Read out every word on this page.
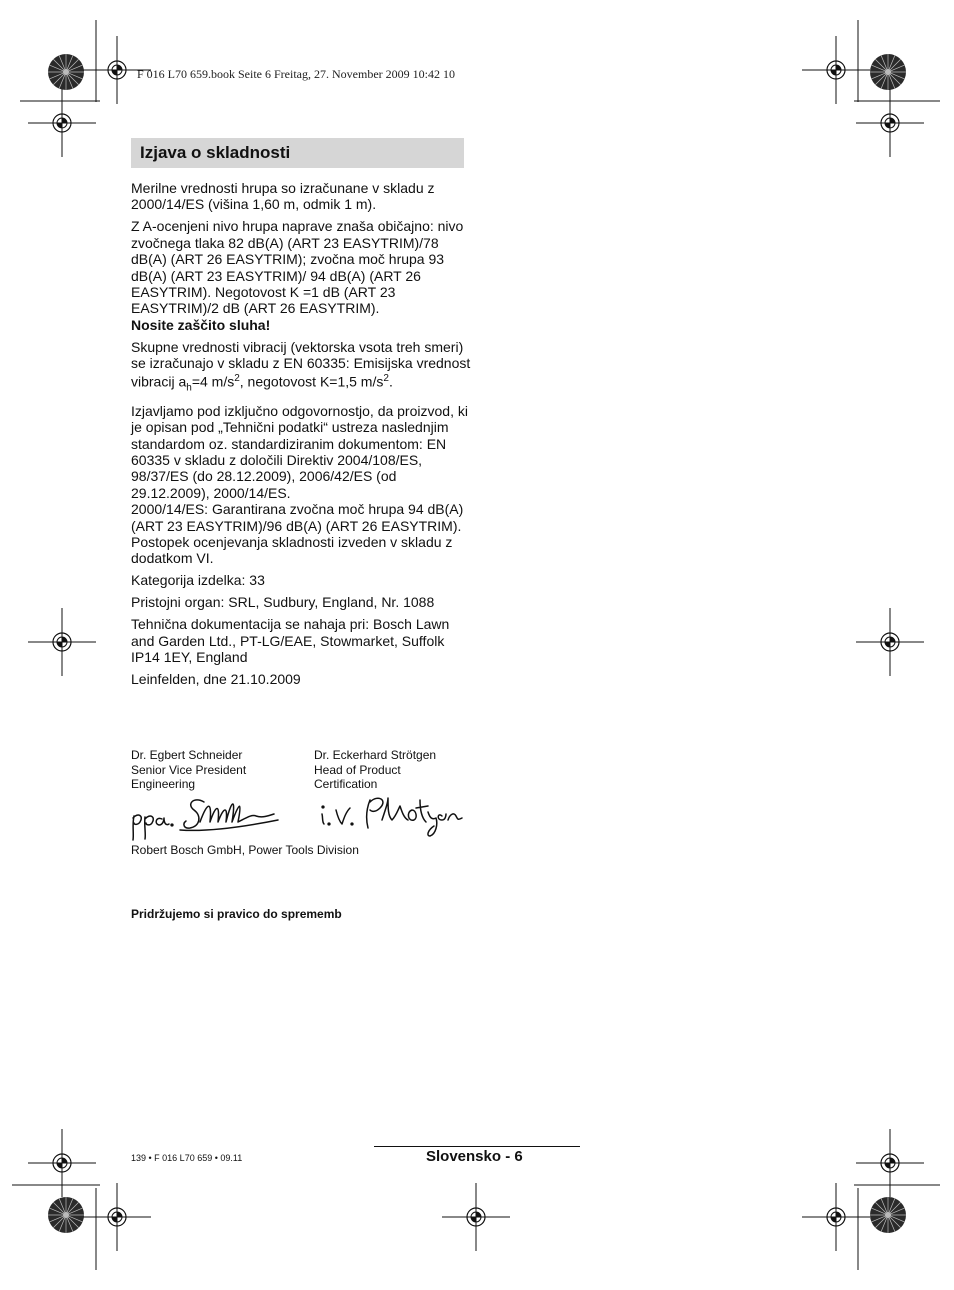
F 016 L70 659.book Seite 6 Freitag, 27. November 2009 10:42 10
Izjava o skladnosti

Merilne vrednosti hrupa so izračunane v skladu z 2000/14/ES (višina 1,60 m, odmik 1 m).

Z A-ocenjeni nivo hrupa naprave znaša običajno: nivo zvočnega tlaka 82 dB(A) (ART 23 EASYTRIM)/78 dB(A) (ART 26 EASYTRIM); zvočna moč hrupa 93 dB(A) (ART 23 EASYTRIM)/ 94 dB(A) (ART 26 EASYTRIM). Negotovost K =1 dB (ART 23 EASYTRIM)/2 dB (ART 26 EASYTRIM).

Nosite zaščito sluha!

Skupne vrednosti vibracij (vektorska vsota treh smeri) se izračunajo v skladu z EN 60335: Emisijska vrednost vibracij $a_h=4$ $m/s^2$, negotovost K=1,5 $m/s^2$.

Izjavljamo pod izključno odgovornostjo, da proizvod, ki je opisan pod „Tehnični podatki“ ustreza naslednjim standardom oz. standardiziranim dokumentom: EN 60335 v skladu z določili Direktiv 2004/108/ES, 98/37/ES (do 28.12.2009), 2006/42/ES (od 29.12.2009), 2000/14/ES.

2000/14/ES: Garantirana zvočna moč hrupa 94 dB(A) (ART 23 EASYTRIM)/96 dB(A) (ART 26 EASYTRIM).

Postopek ocenjevanja skladnosti izveden v skladu z dodatkom VI.

Kategorija izdelka: 33

Pristojni organ: SRL, Sudbury, England, Nr. 1088

Tehnična dokumentacija se nahaja pri: Bosch Lawn and Garden Ltd., PT-LG/EAE, Stowmarket, Suffolk IP14 1EY, England

Leinfelden, dne 21.10.2009

Dr. Egbert Schneider
Senior Vice President
Engineering
Dr. Eckerhard Strötgen
Head of Product
Certification
Robert Bosch GmbH, Power Tools Division
Pridržujemo si pravico do sprememb
139 • F 016 L70 659 • 09.11	Slovensko - 6
